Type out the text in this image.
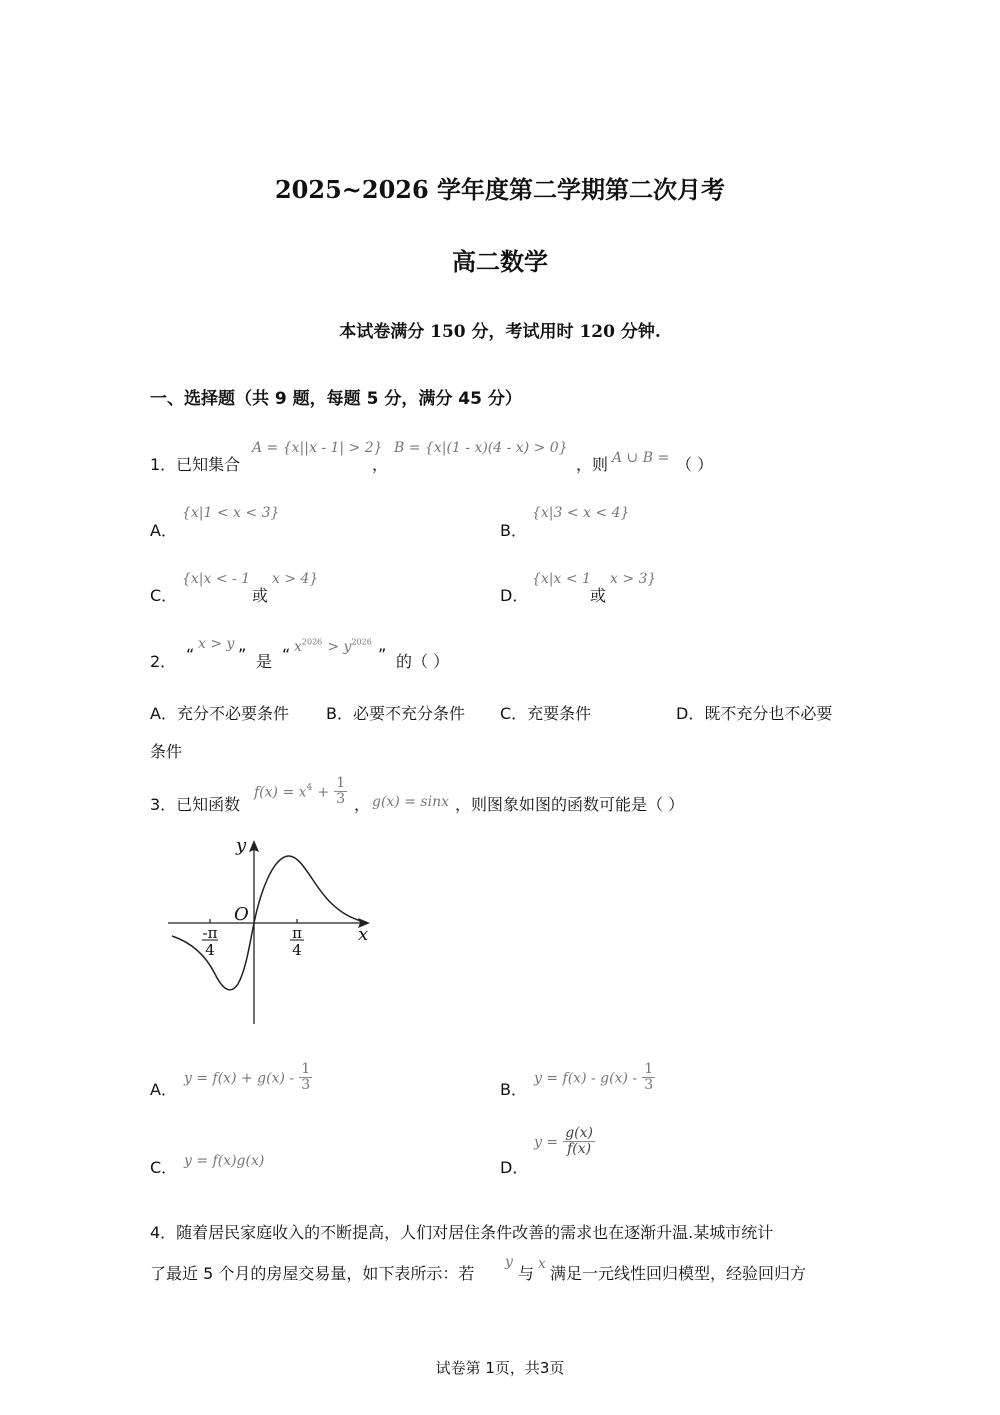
2025~2026 学年度第二学期第二次月考
高二数学
本试卷满分 150 分，考试用时 120 分钟.
一、选择题（共 9 题，每题 5 分，满分 45 分）
1．已知集合
A = {x||x - 1| > 2}
，
B = {x|(1 - x)(4 - x) > 0}
，则 A ∪ B = （ ）
A．
{x|1 < x < 3}
B．
{x|3 < x < 4}
C．
{x|x < - 1
或
x > 4}
D．
{x|x < 1
或
x > 3}
2． “
x > y
” 是 “ $x^{2026} > y^{2026}$
” 的（ ）
A．充分不必要条件 B．必要不充分条件 C．充要条件	D．既不充分也不必要
条件
3．已知函数
$f(x) = x^4 + \frac{1}{3}$ ， g(x) = sinx ，则图象如图的函数可能是（ ）
y
x
O
-π
4
π
4
A．
$y = f(x) + g(x) - \frac{1}{3}$	B．
$y = f(x) - g(x) - \frac{1}{3}$
C． y = f(x)g(x)	D．
$y = \frac{g(x)}{f(x)}$
4．随着居民家庭收入的不断提高，人们对居住条件改善的需求也在逐渐升温.某城市统计
了最近 5 个月的房屋交易量，如下表所示：若
y
与 x 满足一元线性回归模型，经验回归方
试卷第 1页，共3页
